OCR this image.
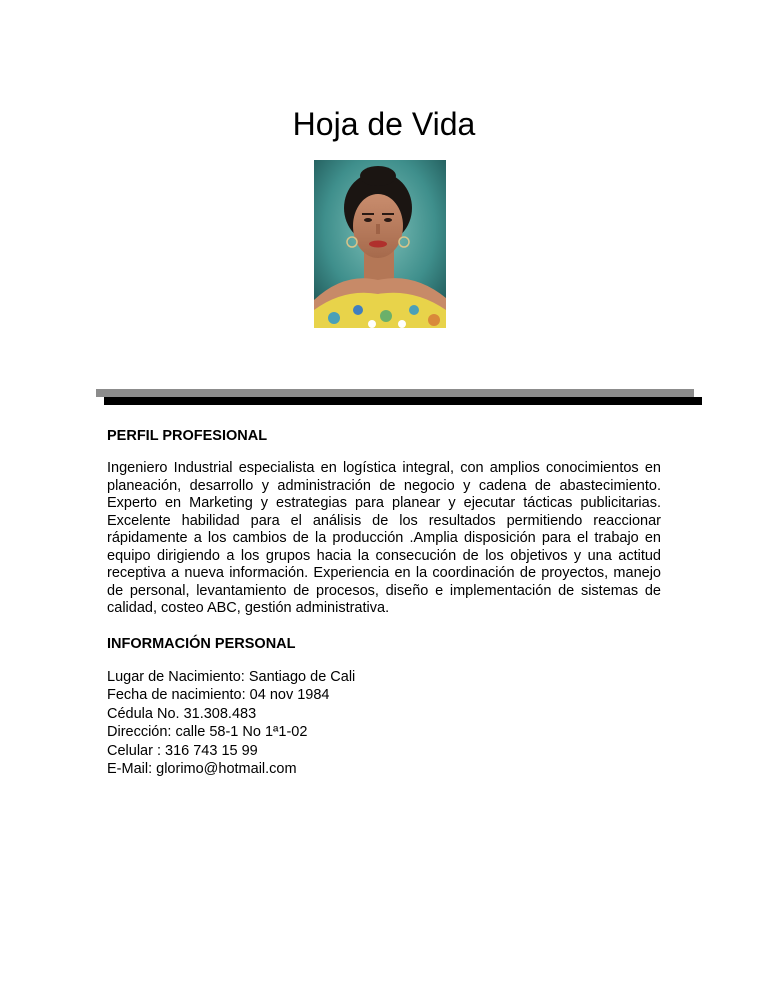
Hoja de Vida
PERFIL PROFESIONAL
Ingeniero Industrial especialista en logística integral, con amplios conocimientos en planeación, desarrollo y administración de negocio y cadena de abastecimiento. Experto en Marketing y estrategias para planear y ejecutar tácticas publicitarias. Excelente habilidad para el análisis de los resultados permitiendo reaccionar rápidamente a los cambios de la producción .Amplia disposición para el trabajo en equipo dirigiendo a los grupos hacia la consecución de los objetivos y una actitud receptiva a nueva información. Experiencia en la coordinación de proyectos, manejo de personal, levantamiento de procesos, diseño e implementación de sistemas de calidad, costeo ABC, gestión administrativa.
INFORMACIÓN PERSONAL
Lugar de Nacimiento: Santiago de Cali
Fecha de nacimiento: 04 nov 1984
Cédula No. 31.308.483
Dirección: calle 58-1 No 1ª1-02
Celular : 316 743 15 99
E-Mail: glorimo@hotmail.com
